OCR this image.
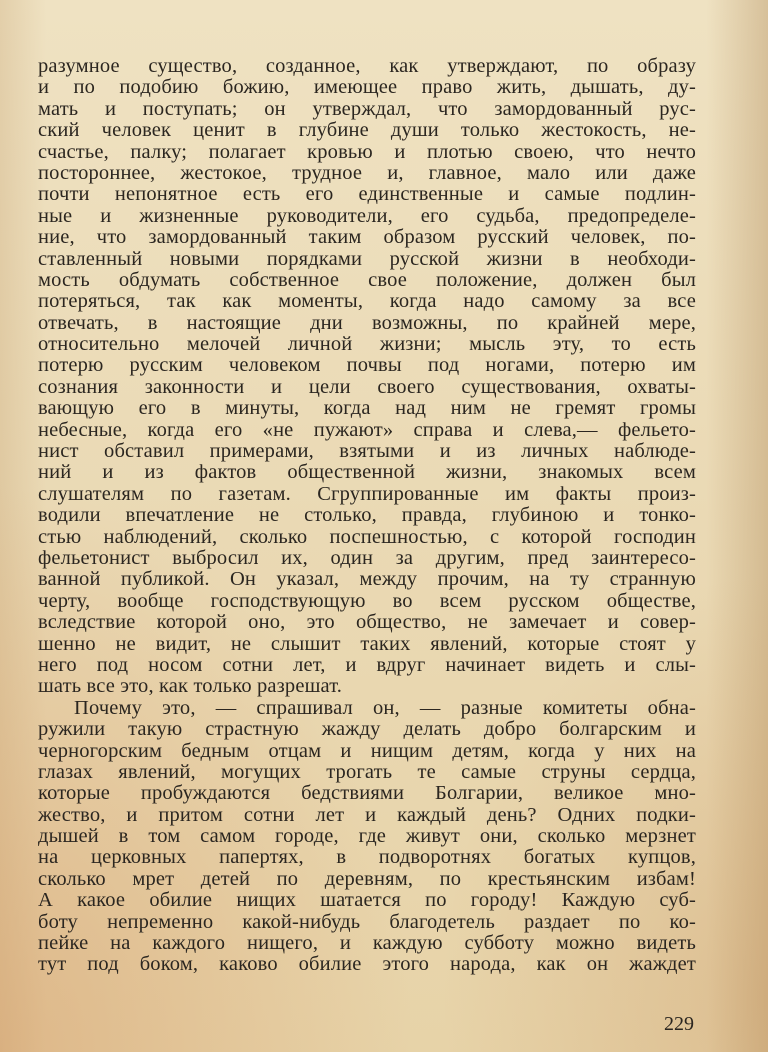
разумное существо, созданное, как утверждают, по образу
и по подобию божию, имеющее право жить, дышать, ду-
мать и поступать; он утверждал, что замордованный рус-
ский человек ценит в глубине души только жестокость, не-
счастье, палку; полагает кровью и плотью своею, что нечто
постороннее, жестокое, трудное и, главное, мало или даже
почти непонятное есть его единственные и самые подлин-
ные и жизненные руководители, его судьба, предопределе-
ние, что замордованный таким образом русский человек, по-
ставленный новыми порядками русской жизни в необходи-
мость обдумать собственное свое положение, должен был
потеряться, так как моменты, когда надо самому за все
отвечать, в настоящие дни возможны, по крайней мере,
относительно мелочей личной жизни; мысль эту, то есть
потерю русским человеком почвы под ногами, потерю им
сознания законности и цели своего существования, охваты-
вающую его в минуты, когда над ним не гремят громы
небесные, когда его «не пужают» справа и слева,— фельето-
нист обставил примерами, взятыми и из личных наблюде-
ний и из фактов общественной жизни, знакомых всем
слушателям по газетам. Сгруппированные им факты произ-
водили впечатление не столько, правда, глубиною и тонко-
стью наблюдений, сколько поспешностью, с которой господин
фельетонист выбросил их, один за другим, пред заинтересо-
ванной публикой. Он указал, между прочим, на ту странную
черту, вообще господствующую во всем русском обществе,
вследствие которой оно, это общество, не замечает и совер-
шенно не видит, не слышит таких явлений, которые стоят у
него под носом сотни лет, и вдруг начинает видеть и слы-
шать все это, как только разрешат.
Почему это, — спрашивал он, — разные комитеты обна-
ружили такую страстную жажду делать добро болгарским и
черногорским бедным отцам и нищим детям, когда у них на
глазах явлений, могущих трогать те самые струны сердца,
которые пробуждаются бедствиями Болгарии, великое мно-
жество, и притом сотни лет и каждый день? Одних подки-
дышей в том самом городе, где живут они, сколько мерзнет
на церковных папертях, в подворотнях богатых купцов,
сколько мрет детей по деревням, по крестьянским избам!
А какое обилие нищих шатается по городу! Каждую суб-
боту непременно какой-нибудь благодетель раздает по ко-
пейке на каждого нищего, и каждую субботу можно видеть
тут под боком, каково обилие этого народа, как он жаждет
229
